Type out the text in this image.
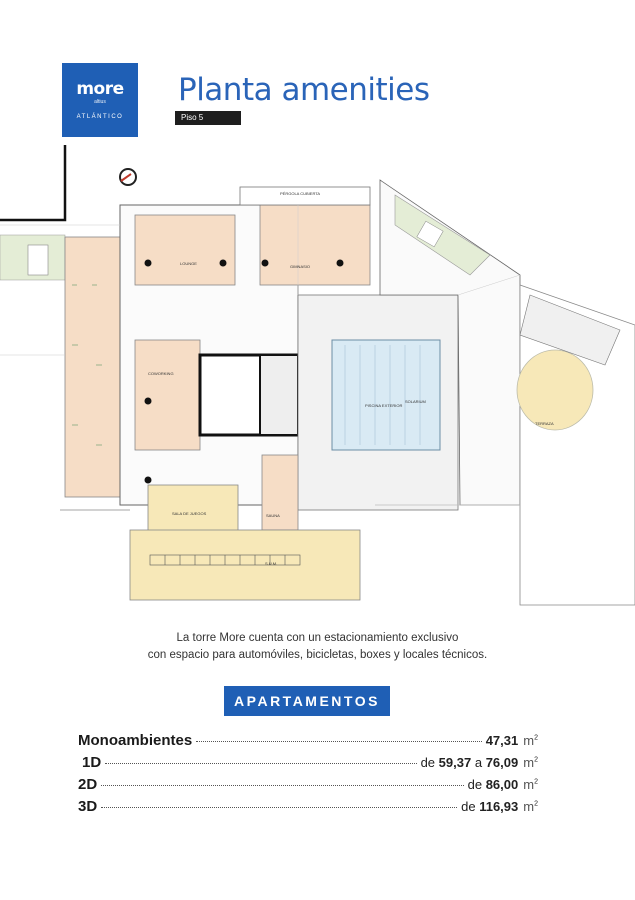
more
altius
ATLÁNTICO
Planta amenities
Piso 5
PÉRGOLA CUBIERTA
GIMNASIO
PISCINA EXTERIOR
SOLARIUM
COWORKING
SALA DE JUEGOS
S.U.M.
SAUNA
TERRAZA
LOUNGE
La torre More cuenta con un estacionamiento exclusivo
con espacio para automóviles, bicicletas, boxes y locales técnicos.
APARTAMENTOS
Monoambientes	47,31 $m^2$
1D	de 59,37 a 76,09 $m^2$
2D	de 86,00 $m^2$
3D	de 116,93 $m^2$
